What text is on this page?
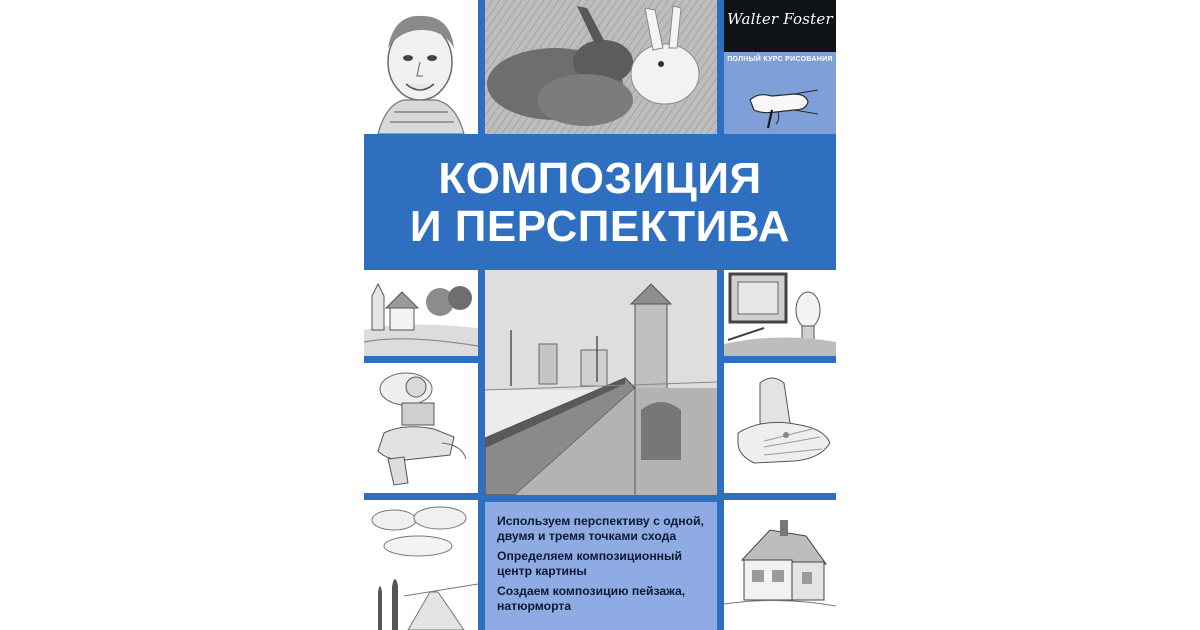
Walter Foster
ПОЛНЫЙ КУРС РИСОВАНИЯ
КОМПОЗИЦИЯ
И ПЕРСПЕКТИВА

Используем перспективу с одной, двумя и тремя точками схода

Определяем композиционный центр картины

Создаем композицию пейзажа, натюрморта
